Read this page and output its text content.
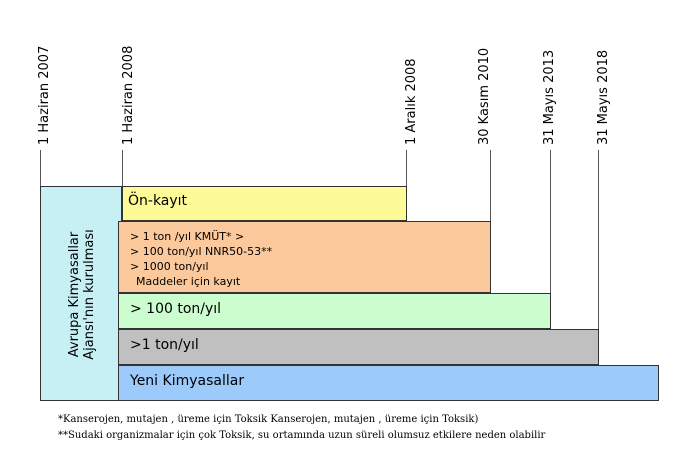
1 Haziran 2007	1 Haziran 2008	1 Aralık 2008	30 Kasım 2010	31 Mayıs 2013	31 Mayıs 2018
Avrupa Kimyasallar Ajansı'nın kurulması
Ön-kayıt
> 1 ton /yıl KMÜT* >
> 100 ton/yıl NNR50-53**
> 1000 ton/yıl
Maddeler için kayıt
> 100 ton/yıl
>1 ton/yıl
Yeni Kimyasallar
*Kanserojen, mutajen , üreme için Toksik Kanserojen, mutajen , üreme için Toksik)
**Sudaki organizmalar için çok Toksik, su ortamında uzun süreli olumsuz etkilere neden olabilir
